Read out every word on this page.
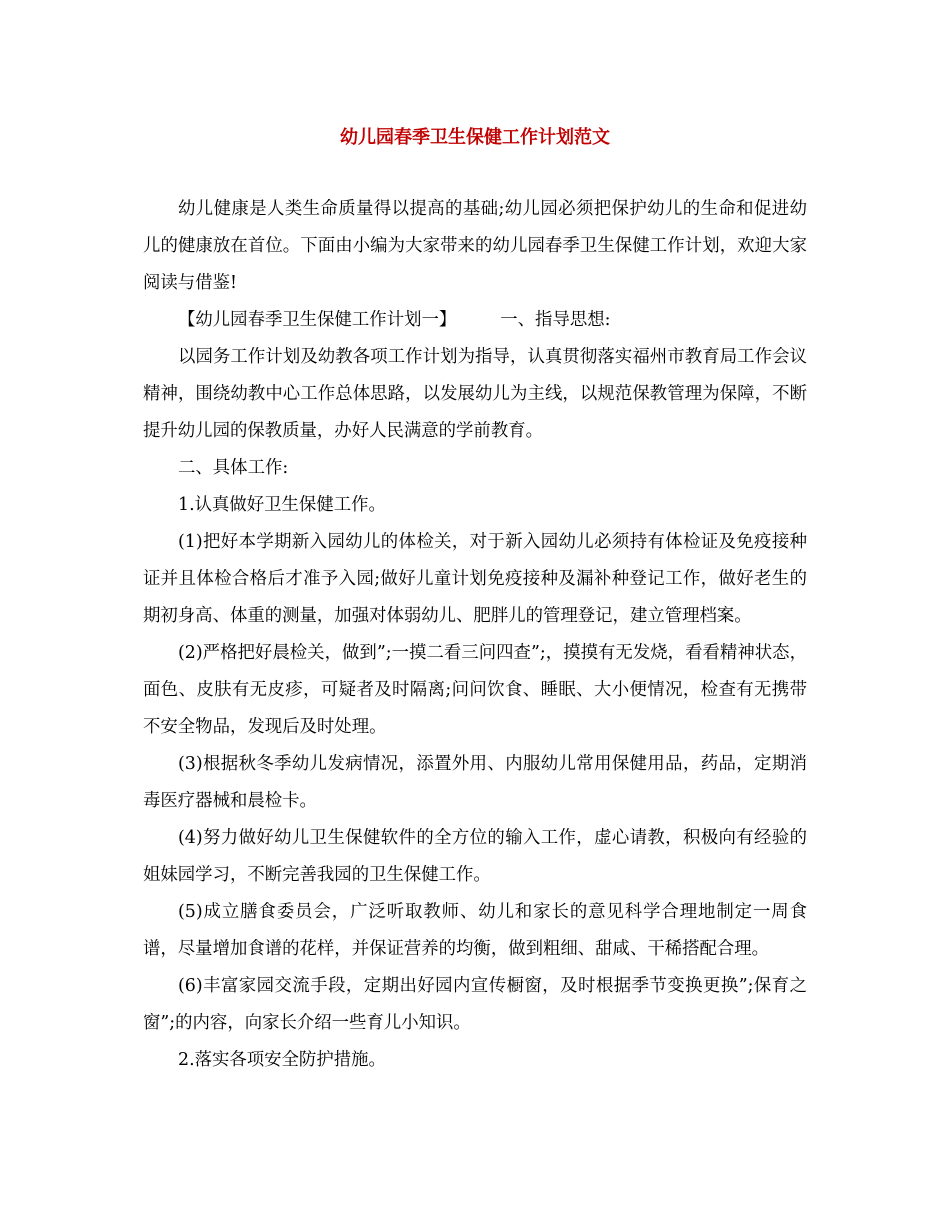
幼儿园春季卫生保健工作计划范文

幼儿健康是人类生命质量得以提高的基础;幼儿园必须把保护幼儿的生命和促进幼儿的健康放在首位。下面由小编为大家带来的幼儿园春季卫生保健工作计划，欢迎大家阅读与借鉴!

【幼儿园春季卫生保健工作计划一】	一、指导思想:

以园务工作计划及幼教各项工作计划为指导，认真贯彻落实福州市教育局工作会议精神，围绕幼教中心工作总体思路，以发展幼儿为主线，以规范保教管理为保障，不断提升幼儿园的保教质量，办好人民满意的学前教育。

二、具体工作:

1.认真做好卫生保健工作。

(1)把好本学期新入园幼儿的体检关，对于新入园幼儿必须持有体检证及免疫接种证并且体检合格后才准予入园;做好儿童计划免疫接种及漏补种登记工作，做好老生的期初身高、体重的测量，加强对体弱幼儿、肥胖儿的管理登记，建立管理档案。

(2)严格把好晨检关，做到”;一摸二看三问四查”;，摸摸有无发烧，看看精神状态，面色、皮肤有无皮疹，可疑者及时隔离;问问饮食、睡眠、大小便情况，检查有无携带不安全物品，发现后及时处理。

(3)根据秋冬季幼儿发病情况，添置外用、内服幼儿常用保健用品，药品，定期消毒医疗器械和晨检卡。

(4)努力做好幼儿卫生保健软件的全方位的输入工作，虚心请教，积极向有经验的姐妹园学习，不断完善我园的卫生保健工作。

(5)成立膳食委员会，广泛听取教师、幼儿和家长的意见科学合理地制定一周食谱，尽量增加食谱的花样，并保证营养的均衡，做到粗细、甜咸、干稀搭配合理。

(6)丰富家园交流手段，定期出好园内宣传橱窗，及时根据季节变换更换”;保育之窗”;的内容，向家长介绍一些育儿小知识。

2.落实各项安全防护措施。
